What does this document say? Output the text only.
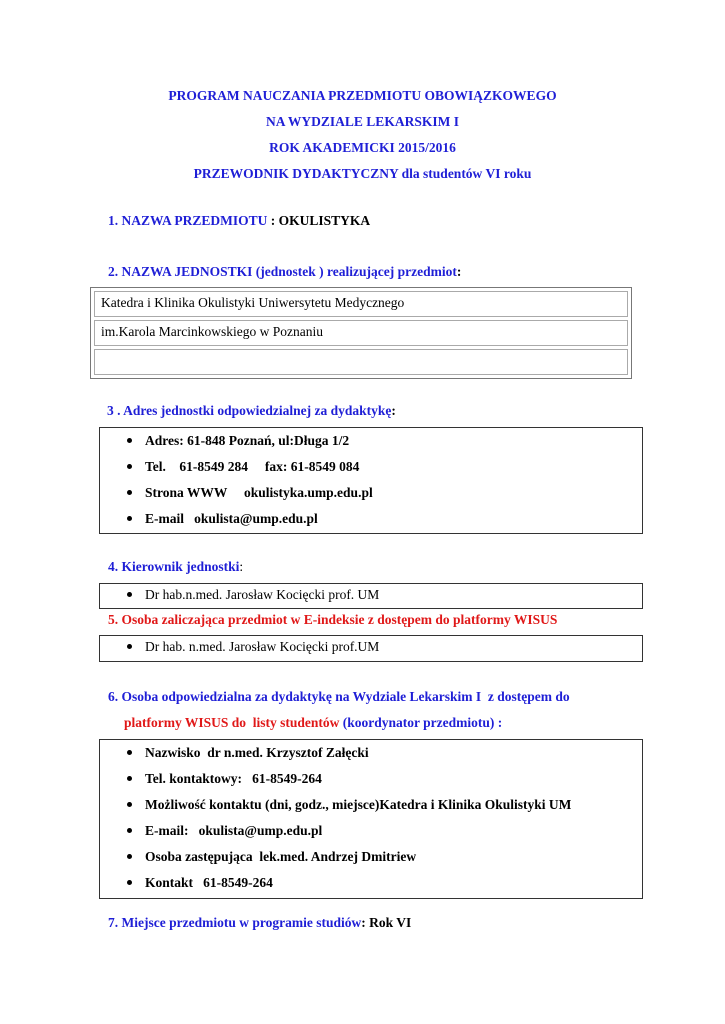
PROGRAM NAUCZANIA PRZEDMIOTU OBOWIĄZKOWEGO
NA WYDZIALE LEKARSKIM I
ROK AKADEMICKI 2015/2016
PRZEWODNIK DYDAKTYCZNY dla studentów VI roku
1. NAZWA PRZEDMIOTU : OKULISTYKA
2. NAZWA JEDNOSTKI (jednostek ) realizującej przedmiot:
Katedra i Klinika Okulistyki Uniwersytetu Medycznego
im.Karola Marcinkowskiego w Poznaniu
3 . Adres jednostki odpowiedzialnej za dydaktykę:
Adres: 61-848 Poznań, ul:Długa 1/2
Tel.    61-8549 284     fax: 61-8549 084
Strona WWW     okulistyka.ump.edu.pl
E-mail   okulista@ump.edu.pl
4. Kierownik jednostki:
Dr hab.n.med. Jarosław Kocięcki prof. UM
5. Osoba zaliczająca przedmiot w E-indeksie z dostępem do platformy WISUS
Dr hab. n.med. Jarosław Kocięcki prof.UM
6. Osoba odpowiedzialna za dydaktykę na Wydziale Lekarskim I  z dostępem do
platformy WISUS do  listy studentów (koordynator przedmiotu) :
Nazwisko  dr n.med. Krzysztof Załęcki
Tel. kontaktowy:   61-8549-264
Możliwość kontaktu (dni, godz., miejsce)Katedra i Klinika Okulistyki UM
E-mail:   okulista@ump.edu.pl
Osoba zastępująca  lek.med. Andrzej Dmitriew
Kontakt   61-8549-264
7. Miejsce przedmiotu w programie studiów: Rok VI
